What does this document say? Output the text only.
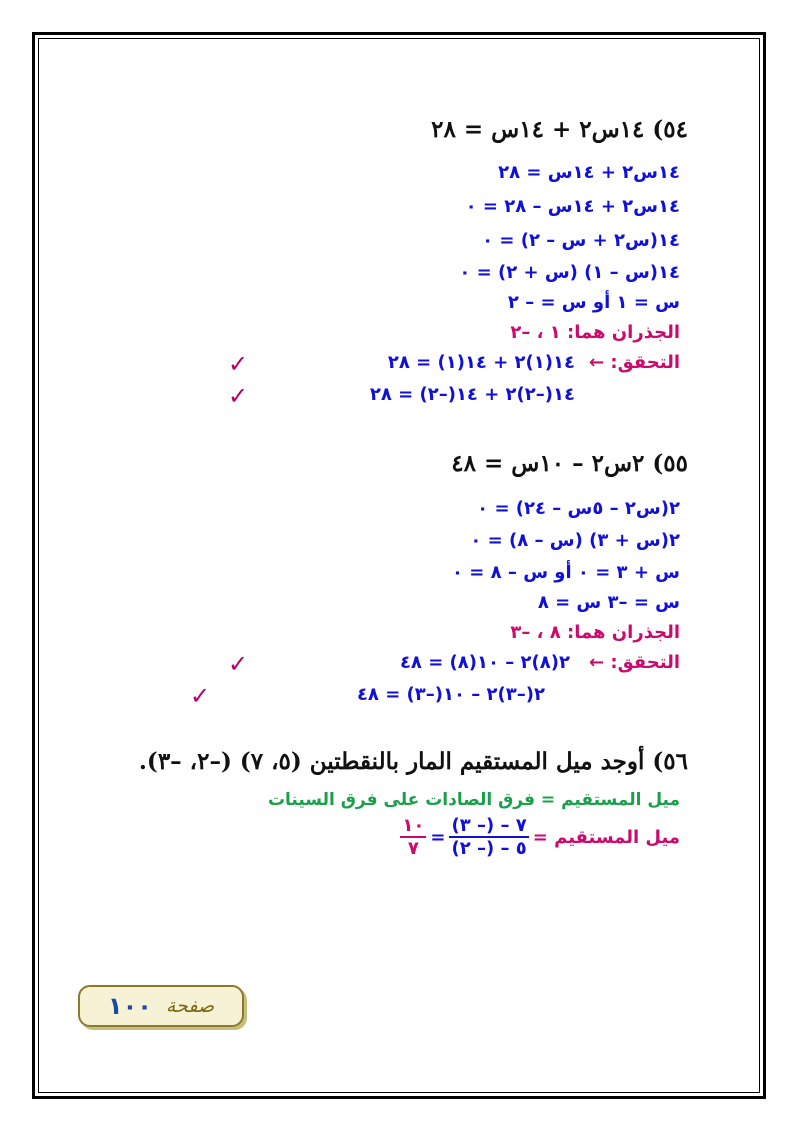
٥٤) ١٤س٢ + ١٤س = ٢٨
١٤س٢ + ١٤س = ٢٨
١٤س٢ + ١٤س – ٢٨ = ٠
١٤(س٢ + س – ٢) = ٠
١٤(س – ١) (س + ٢) = ٠
س = ١ أو س = – ٢
الجذران هما: ١ ، –٢
التحقق: ←
١٤(١)٢ + ١٤(١) = ٢٨
١٤(–٢)٢ + ١٤(–٢) = ٢٨
✓
✓
٥٥) ٢س٢ – ١٠س = ٤٨
٢(س٢ – ٥س – ٢٤) = ٠
٢(س + ٣) (س – ٨) = ٠
س + ٣ = ٠ أو س – ٨ = ٠
س = –٣ س = ٨
الجذران هما: ٨ ، –٣
التحقق: ←
٢(٨)٢ – ١٠(٨) = ٤٨
٢(–٣)٢ – ١٠(–٣) = ٤٨
✓
✓
٥٦) أوجد ميل المستقيم المار بالنقطتين (٥، ٧) (–٢، –٣).
ميل المستقيم = فرق الصادات على فرق السينات
ميل المستقيم =
$\frac{٧ - (- ٣)}{٥ - (- ٢)}$
=
$\frac{١٠}{٧}$
صفحة
١٠٠
